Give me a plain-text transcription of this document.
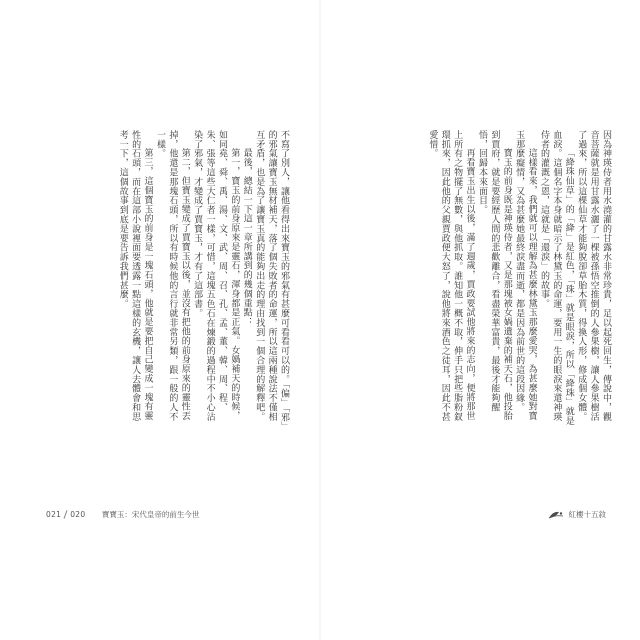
不寫了別人，讓他看得出來寶玉的邪氣有甚麼可看看可以的。「偏」「邪」的邪氣讓寶玉無材補天，落了個失敗者的命運，所以這兩種說法不僅相互矛盾，也是為了讓寶玉真的能夠出走的理由找到一個合理的解釋吧。

最後，總結一下這一章所講到的幾個重點：

第一，寶玉的前身原來是靈石，渾身都是正氣。女媧補天的時候，如同堯、舜、禹、湯、文、武、周、召、孔、孟、董、韓、周、程、朱、張等這些大仁者一樣，可惜，這塊五色石在煉鍛的過程中不小心沾染了邪氣，才變成了賈寶玉，才有了這部書。

第二，但寶玉變成了賈寶玉以後，並沒有把他的前身原來的靈性丟掉，他還是那塊石頭，所以有時候他的言行就非常另類，跟一般的人不一樣。

第三，這個寶玉的前身是一塊石頭，他就是要把自己變成一塊有靈性的石頭，而在這部小說裡面要透露一點這樣的玄機，讓人去體會和思考一下，這個故事到底是要告訴我們甚麼。

021 020 寶寶玉：宋代皇帝的前生今世

因為神瑛侍者用水澆灌的甘露水非常珍貴，足以起死回生，傳說中，觀音菩薩就是用甘露水灑了一棵被孫悟空推倒的人參果樹，讓人參果樹活了過來，所以這棵仙草才能夠脫卻草胎木質，得換人形，修成個女體。

「絳珠仙草」的「絳」是紅色，「珠」就是眼淚，所以「絳珠」就是血淚。這個名字本身就暗示了林黛玉的命運，要用一生的眼淚來還神瑛侍者的灌溉之恩，這就是「還淚」的故事。

這樣看來，我們就可以理解為甚麼林黛玉那麼愛哭，為甚麼她對寶玉那麼癡情，又為甚麼她最終淚盡而逝，都是因為前世的這段因緣。

寶玉的前身既是神瑛侍者，又是那塊被女媧遺棄的補天石，他投胎到賈府，就是要經歷人間的悲歡離合，看盡榮華富貴，最後才能夠醒悟，回歸本來面目。

再看寶玉出生以後，滿了週歲，賈政要試他將來的志向，便將那世上所有之物擺了無數，與他抓取。誰知他一概不取，伸手只把些脂粉釵環抓來，因此他的父親賈政便大怒了，說他將來酒色之徒耳，因此不甚愛惜。

紅樓十五敘
